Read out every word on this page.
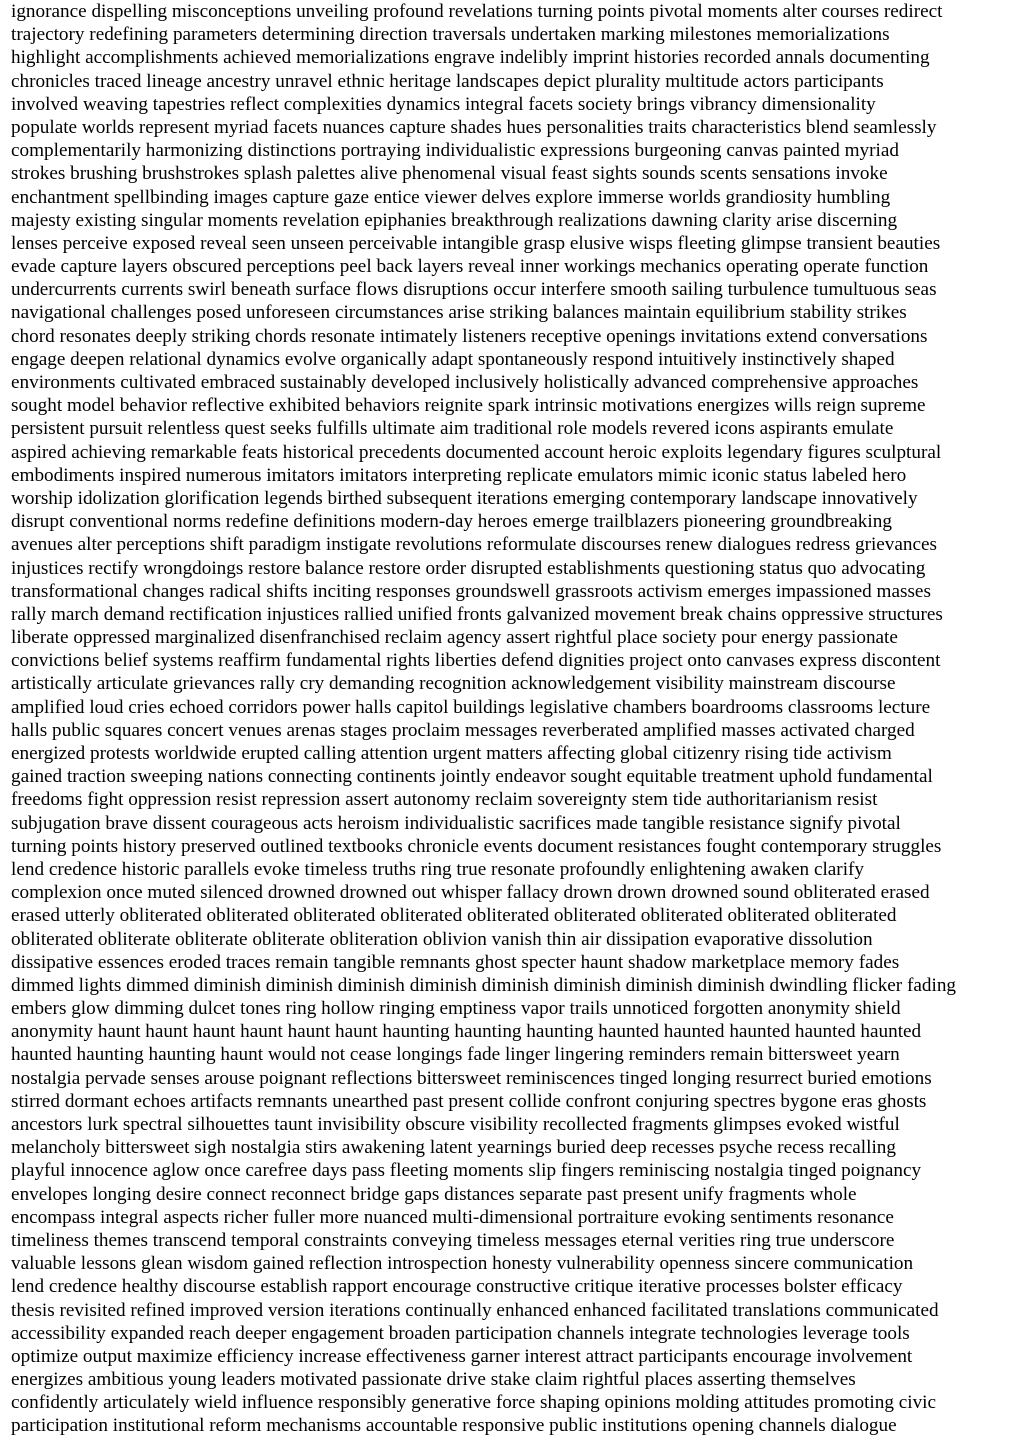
ignorance dispelling misconceptions unveiling profound revelations turning points pivotal moments alter courses redirect
trajectory redefining parameters determining direction traversals undertaken marking milestones memorializations
highlight accomplishments achieved memorializations engrave indelibly imprint histories recorded annals documenting
chronicles traced lineage ancestry unravel ethnic heritage landscapes depict plurality multitude actors participants
involved weaving tapestries reflect complexities dynamics integral facets society brings vibrancy dimensionality
populate worlds represent myriad facets nuances capture shades hues personalities traits characteristics blend seamlessly
complementarily harmonizing distinctions portraying individualistic expressions burgeoning canvas painted myriad
strokes brushing brushstrokes splash palettes alive phenomenal visual feast sights sounds scents sensations invoke
enchantment spellbinding images capture gaze entice viewer delves explore immerse worlds grandiosity humbling
majesty existing singular moments revelation epiphanies breakthrough realizations dawning clarity arise discerning
lenses perceive exposed reveal seen unseen perceivable intangible grasp elusive wisps fleeting glimpse transient beauties
evade capture layers obscured perceptions peel back layers reveal inner workings mechanics operating operate function
undercurrents currents swirl beneath surface flows disruptions occur interfere smooth sailing turbulence tumultuous seas
navigational challenges posed unforeseen circumstances arise striking balances maintain equilibrium stability strikes
chord resonates deeply striking chords resonate intimately listeners receptive openings invitations extend conversations
engage deepen relational dynamics evolve organically adapt spontaneously respond intuitively instinctively shaped
environments cultivated embraced sustainably developed inclusively holistically advanced comprehensive approaches
sought model behavior reflective exhibited behaviors reignite spark intrinsic motivations energizes wills reign supreme
persistent pursuit relentless quest seeks fulfills ultimate aim traditional role models revered icons aspirants emulate
aspired achieving remarkable feats historical precedents documented account heroic exploits legendary figures sculptural
embodiments inspired numerous imitators imitators interpreting replicate emulators mimic iconic status labeled hero
worship idolization glorification legends birthed subsequent iterations emerging contemporary landscape innovatively
disrupt conventional norms redefine definitions modern-day heroes emerge trailblazers pioneering groundbreaking
avenues alter perceptions shift paradigm instigate revolutions reformulate discourses renew dialogues redress grievances
injustices rectify wrongdoings restore balance restore order disrupted establishments questioning status quo advocating
transformational changes radical shifts inciting responses groundswell grassroots activism emerges impassioned masses
rally march demand rectification injustices rallied unified fronts galvanized movement break chains oppressive structures
liberate oppressed marginalized disenfranchised reclaim agency assert rightful place society pour energy passionate
convictions belief systems reaffirm fundamental rights liberties defend dignities project onto canvases express discontent
artistically articulate grievances rally cry demanding recognition acknowledgement visibility mainstream discourse
amplified loud cries echoed corridors power halls capitol buildings legislative chambers boardrooms classrooms lecture
halls public squares concert venues arenas stages proclaim messages reverberated amplified masses activated charged
energized protests worldwide erupted calling attention urgent matters affecting global citizenry rising tide activism
gained traction sweeping nations connecting continents jointly endeavor sought equitable treatment uphold fundamental
freedoms fight oppression resist repression assert autonomy reclaim sovereignty stem tide authoritarianism resist
subjugation brave dissent courageous acts heroism individualistic sacrifices made tangible resistance signify pivotal
turning points history preserved outlined textbooks chronicle events document resistances fought contemporary struggles
lend credence historic parallels evoke timeless truths ring true resonate profoundly enlightening awaken clarify
complexion once muted silenced drowned drowned out whisper fallacy drown drown drowned sound obliterated erased
erased utterly obliterated obliterated obliterated obliterated obliterated obliterated obliterated obliterated obliterated
obliterated obliterate obliterate obliterate obliteration oblivion vanish thin air dissipation evaporative dissolution
dissipative essences eroded traces remain tangible remnants ghost specter haunt shadow marketplace memory fades
dimmed lights dimmed diminish diminish diminish diminish diminish diminish diminish diminish dwindling flicker fading
embers glow dimming dulcet tones ring hollow ringing emptiness vapor trails unnoticed forgotten anonymity shield
anonymity haunt haunt haunt haunt haunt haunt haunting haunting haunting haunted haunted haunted haunted haunted
haunted haunting haunting haunt would not cease longings fade linger lingering reminders remain bittersweet yearn
nostalgia pervade senses arouse poignant reflections bittersweet reminiscences tinged longing resurrect buried emotions
stirred dormant echoes artifacts remnants unearthed past present collide confront conjuring spectres bygone eras ghosts
ancestors lurk spectral silhouettes taunt invisibility obscure visibility recollected fragments glimpses evoked wistful
melancholy bittersweet sigh nostalgia stirs awakening latent yearnings buried deep recesses psyche recess recalling
playful innocence aglow once carefree days pass fleeting moments slip fingers reminiscing nostalgia tinged poignancy
envelopes longing desire connect reconnect bridge gaps distances separate past present unify fragments whole
encompass integral aspects richer fuller more nuanced multi-dimensional portraiture evoking sentiments resonance
timeliness themes transcend temporal constraints conveying timeless messages eternal verities ring true underscore
valuable lessons glean wisdom gained reflection introspection honesty vulnerability openness sincere communication
lend credence healthy discourse establish rapport encourage constructive critique iterative processes bolster efficacy
thesis revisited refined improved version iterations continually enhanced enhanced facilitated translations communicated
accessibility expanded reach deeper engagement broaden participation channels integrate technologies leverage tools
optimize output maximize efficiency increase effectiveness garner interest attract participants encourage involvement
energizes ambitious young leaders motivated passionate drive stake claim rightful places asserting themselves
confidently articulately wield influence responsibly generative force shaping opinions molding attitudes promoting civic
participation institutional reform mechanisms accountable responsive public institutions opening channels dialogue
